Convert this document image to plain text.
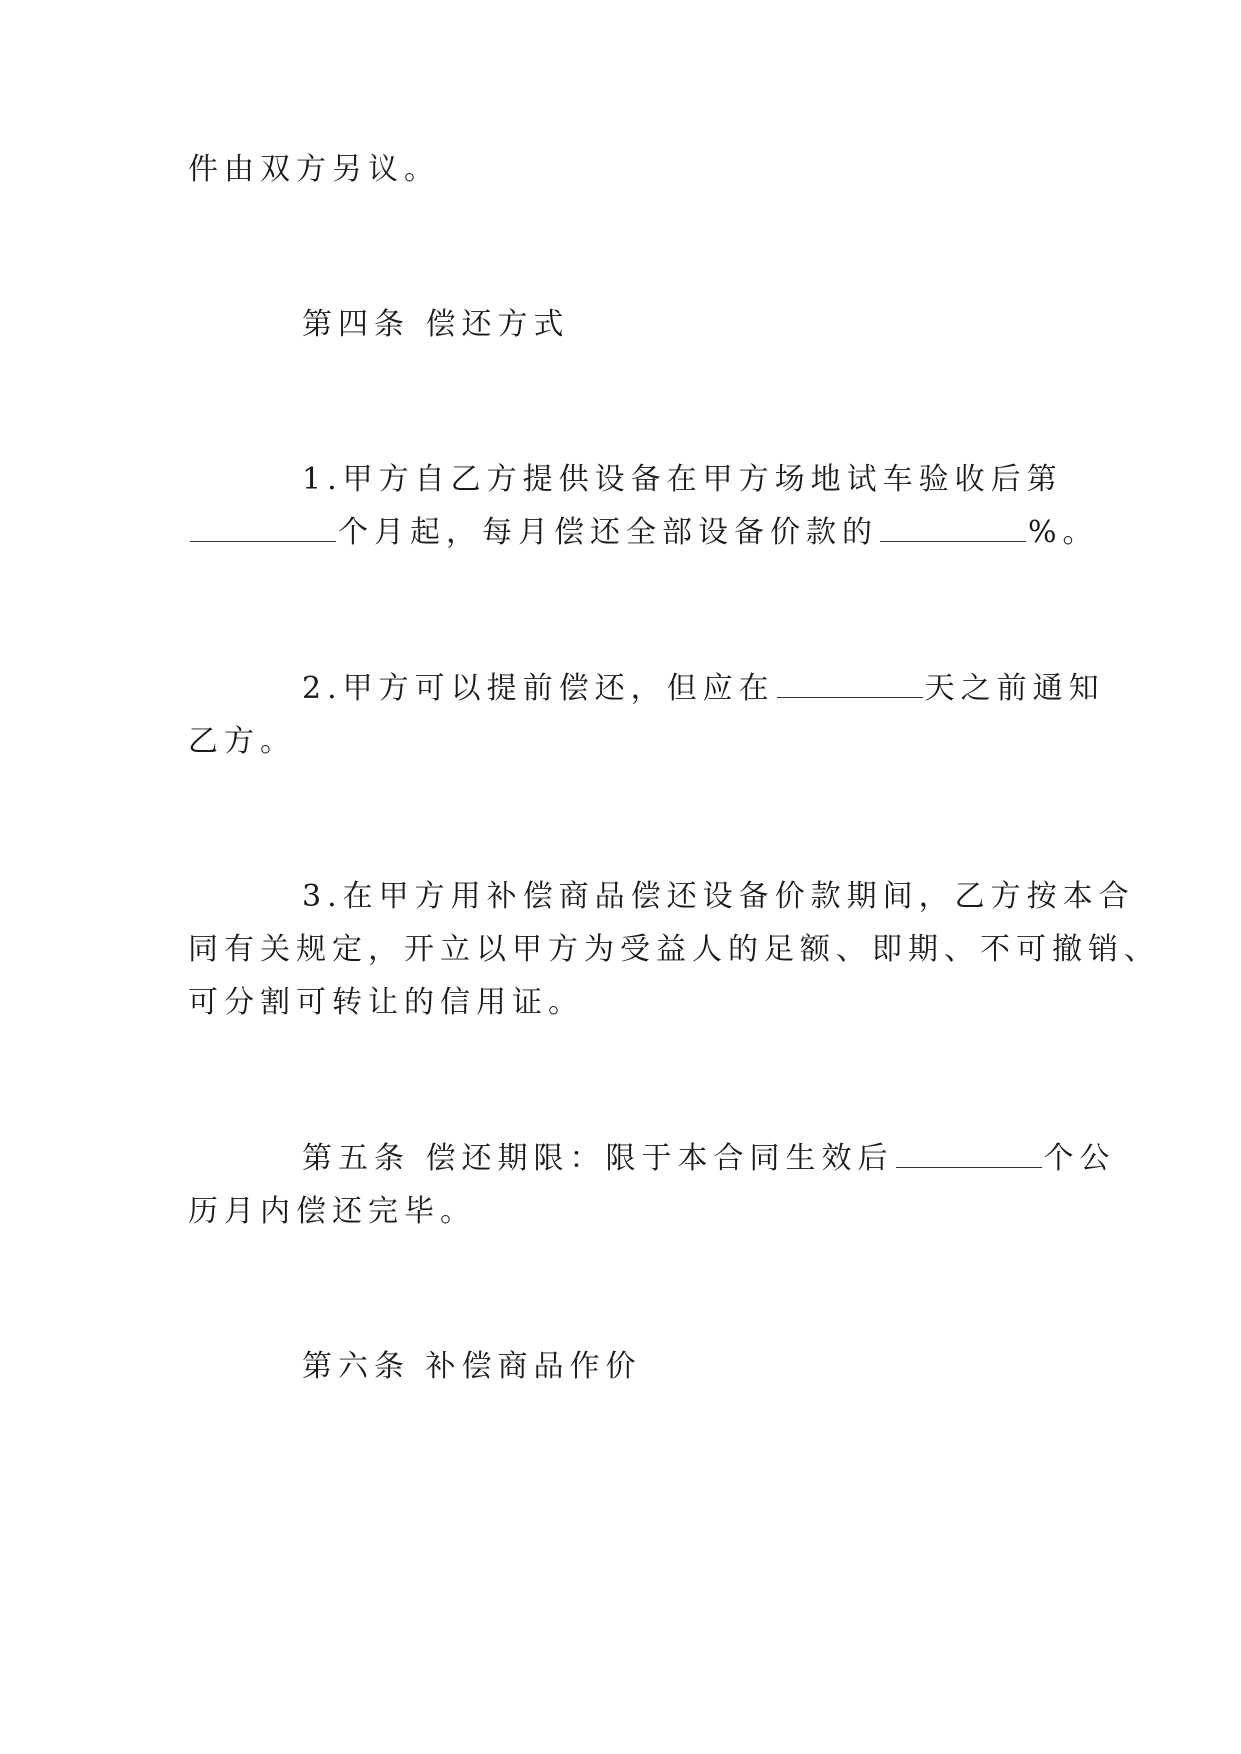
件由双方另议。
第四条 偿还方式
1.甲方自乙方提供设备在甲方场地试车验收后第
个月起，每月偿还全部设备价款的	%。
2.甲方可以提前偿还，但应在	天之前通知
乙方。
3.在甲方用补偿商品偿还设备价款期间，乙方按本合
同有关规定，开立以甲方为受益人的足额、即期、不可撤销、
可分割可转让的信用证。
第五条 偿还期限：限于本合同生效后	个公
历月内偿还完毕。
第六条 补偿商品作价
